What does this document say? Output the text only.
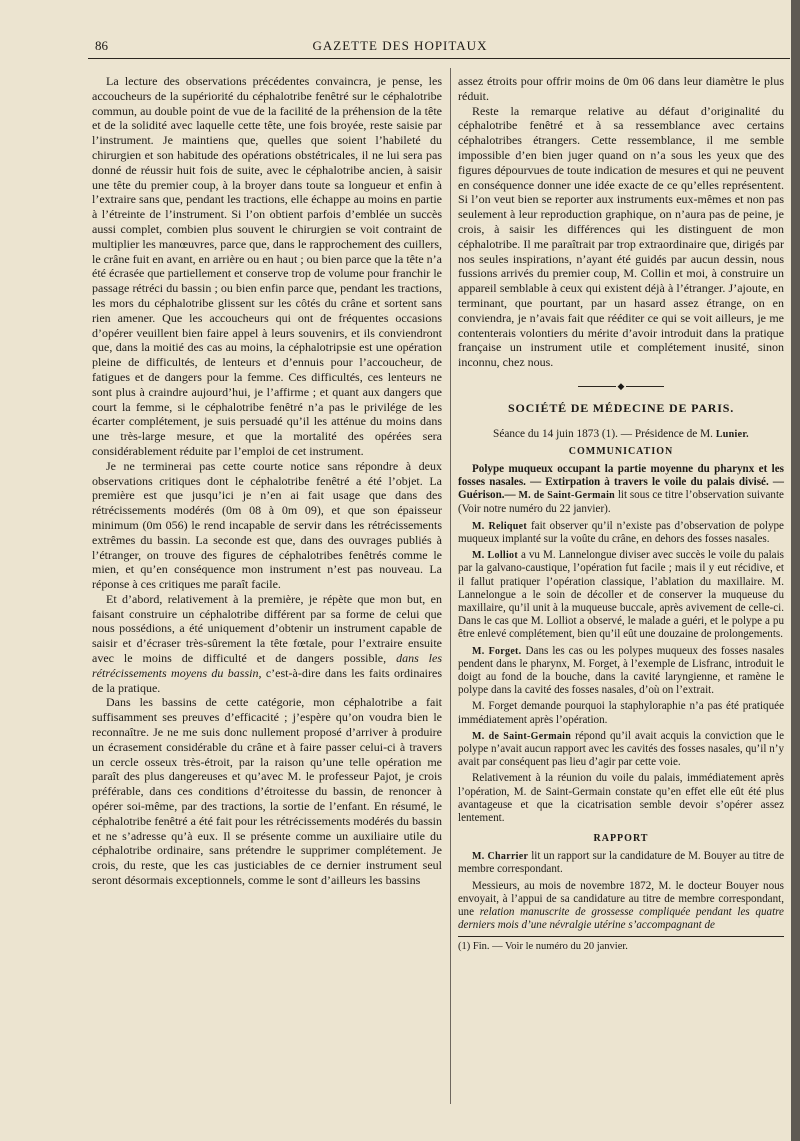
86	GAZETTE DES HOPITAUX

La lecture des observations précédentes convaincra, je pense, les accoucheurs de la supériorité du céphalotribe fenêtré sur le céphalotribe commun, au double point de vue de la facilité de la préhension de la tête et de la solidité avec laquelle cette tête, une fois broyée, reste saisie par l’instrument. Je maintiens que, quelles que soient l’habileté du chirurgien et son habitude des opérations obstétricales, il ne lui sera pas donné de réussir huit fois de suite, avec le céphalotribe ancien, à saisir une tête du premier coup, à la broyer dans toute sa longueur et enfin à l’extraire sans que, pendant les tractions, elle échappe au moins en partie à l’étreinte de l’instrument. Si l’on obtient parfois d’emblée un succès aussi complet, combien plus souvent le chirurgien se voit contraint de multiplier les manœuvres, parce que, dans le rapprochement des cuillers, le crâne fuit en avant, en arrière ou en haut ; ou bien parce que la tête n’a été écrasée que partiellement et conserve trop de volume pour franchir le passage rétréci du bassin ; ou bien enfin parce que, pendant les tractions, les mors du céphalotribe glissent sur les côtés du crâne et sortent sans rien amener. Que les accoucheurs qui ont de fréquentes occasions d’opérer veuillent bien faire appel à leurs souvenirs, et ils conviendront que, dans la moitié des cas au moins, la céphalotripsie est une opération pleine de difficultés, de lenteurs et d’ennuis pour l’accoucheur, de fatigues et de dangers pour la femme. Ces difficultés, ces lenteurs ne sont plus à craindre aujourd’hui, je l’affirme ; et quant aux dangers que court la femme, si le céphalotribe fenêtré n’a pas le privilége de les écarter complétement, je suis persuadé qu’il les atténue du moins dans une très-large mesure, et que la mortalité des opérées sera considérablement réduite par l’emploi de cet instrument.

Je ne terminerai pas cette courte notice sans répondre à deux observations critiques dont le céphalotribe fenêtré a été l’objet. La première est que jusqu’ici je n’en ai fait usage que dans des rétrécissements modérés (0m 08 à 0m 09), et que son épaisseur minimum (0m 056) le rend incapable de servir dans les rétrécissements extrêmes du bassin. La seconde est que, dans des ouvrages publiés à l’étranger, on trouve des figures de céphalotribes fenêtrés comme le mien, et qu’en conséquence mon instrument n’est pas nouveau. La réponse à ces critiques me paraît facile.

Et d’abord, relativement à la première, je répète que mon but, en faisant construire un céphalotribe différent par sa forme de celui que nous possédions, a été uniquement d’obtenir un instrument capable de saisir et d’écraser très-sûrement la tête fœtale, pour l’extraire ensuite avec le moins de difficulté et de dangers possible, dans les rétrécissements moyens du bassin, c’est-à-dire dans les faits ordinaires de la pratique.

Dans les bassins de cette catégorie, mon céphalotribe a fait suffisamment ses preuves d’efficacité ; j’espère qu’on voudra bien le reconnaître. Je ne me suis donc nullement proposé d’arriver à produire un écrasement considérable du crâne et à faire passer celui-ci à travers un cercle osseux très-étroit, par la raison qu’une telle opération me paraît des plus dangereuses et qu’avec M. le professeur Pajot, je crois préférable, dans ces conditions d’étroitesse du bassin, de renoncer à opérer soi-même, par des tractions, la sortie de l’enfant. En résumé, le céphalotribe fenêtré a été fait pour les rétrécissements modérés du bassin et ne s’adresse qu’à eux. Il se présente comme un auxiliaire utile du céphalotribe ordinaire, sans prétendre le supprimer complétement. Je crois, du reste, que les cas justiciables de ce dernier instrument seul seront désormais exceptionnels, comme le sont d’ailleurs les bassins

assez étroits pour offrir moins de 0m 06 dans leur diamètre le plus réduit.

Reste la remarque relative au défaut d’originalité du céphalotribe fenêtré et à sa ressemblance avec certains céphalotribes étrangers. Cette ressemblance, il me semble impossible d’en bien juger quand on n’a sous les yeux que des figures dépourvues de toute indication de mesures et qui ne peuvent en conséquence donner une idée exacte de ce qu’elles représentent. Si l’on veut bien se reporter aux instruments eux-mêmes et non pas seulement à leur reproduction graphique, on n’aura pas de peine, je crois, à saisir les différences qui les distinguent de mon céphalotribe. Il me paraîtrait par trop extraordinaire que, dirigés par nos seules inspirations, n’ayant été guidés par aucun dessin, nous fussions arrivés du premier coup, M. Collin et moi, à construire un appareil semblable à ceux qui existent déjà à l’étranger. J’ajoute, en terminant, que pourtant, par un hasard assez étrange, on en conviendra, je n’avais fait que rééditer ce qui se voit ailleurs, je me contenterais volontiers du mérite d’avoir introduit dans la pratique française un instrument utile et complétement inusité, sinon inconnu, chez nous.

◆
SOCIÉTÉ DE MÉDECINE DE PARIS.

Séance du 14 juin 1873 (1). — Présidence de M. Lunier.

COMMUNICATION

Polype muqueux occupant la partie moyenne du pharynx et les fosses nasales. — Extirpation à travers le voile du palais divisé. — Guérison.— M. de Saint-Germain lit sous ce titre l’observation suivante (Voir notre numéro du 22 janvier).

M. Reliquet fait observer qu’il n’existe pas d’observation de polype muqueux implanté sur la voûte du crâne, en dehors des fosses nasales.

M. Lolliot a vu M. Lannelongue diviser avec succès le voile du palais par la galvano-caustique, l’opération fut facile ; mais il y eut récidive, et il fallut pratiquer l’opération classique, l’ablation du maxillaire. M. Lannelongue a le soin de décoller et de conserver la muqueuse du maxillaire, qu’il unit à la muqueuse buccale, après avivement de celle-ci. Dans le cas que M. Lolliot a observé, le malade a guéri, et le polype a pu être enlevé complétement, bien qu’il eût une douzaine de prolongements.

M. Forget. Dans les cas ou les polypes muqueux des fosses nasales pendent dans le pharynx, M. Forget, à l’exemple de Lisfranc, introduit le doigt au fond de la bouche, dans la cavité laryngienne, et ramène le polype dans la cavité des fosses nasales, d’où on l’extrait.

M. Forget demande pourquoi la staphyloraphie n’a pas été pratiquée immédiatement après l’opération.

M. de Saint-Germain répond qu’il avait acquis la conviction que le polype n’avait aucun rapport avec les cavités des fosses nasales, qu’il n’y avait par conséquent pas lieu d’agir par cette voie.

Relativement à la réunion du voile du palais, immédiatement après l’opération, M. de Saint-Germain constate qu’en effet elle eût été plus avantageuse et que la cicatrisation semble devoir s’opérer assez lentement.

RAPPORT

M. Charrier lit un rapport sur la candidature de M. Bouyer au titre de membre correspondant.

Messieurs, au mois de novembre 1872, M. le docteur Bouyer nous envoyait, à l’appui de sa candidature au titre de membre correspondant, une relation manuscrite de grossesse compliquée pendant les quatre derniers mois d’une névralgie utérine s’accompagnant de

(1) Fin. — Voir le numéro du 20 janvier.
